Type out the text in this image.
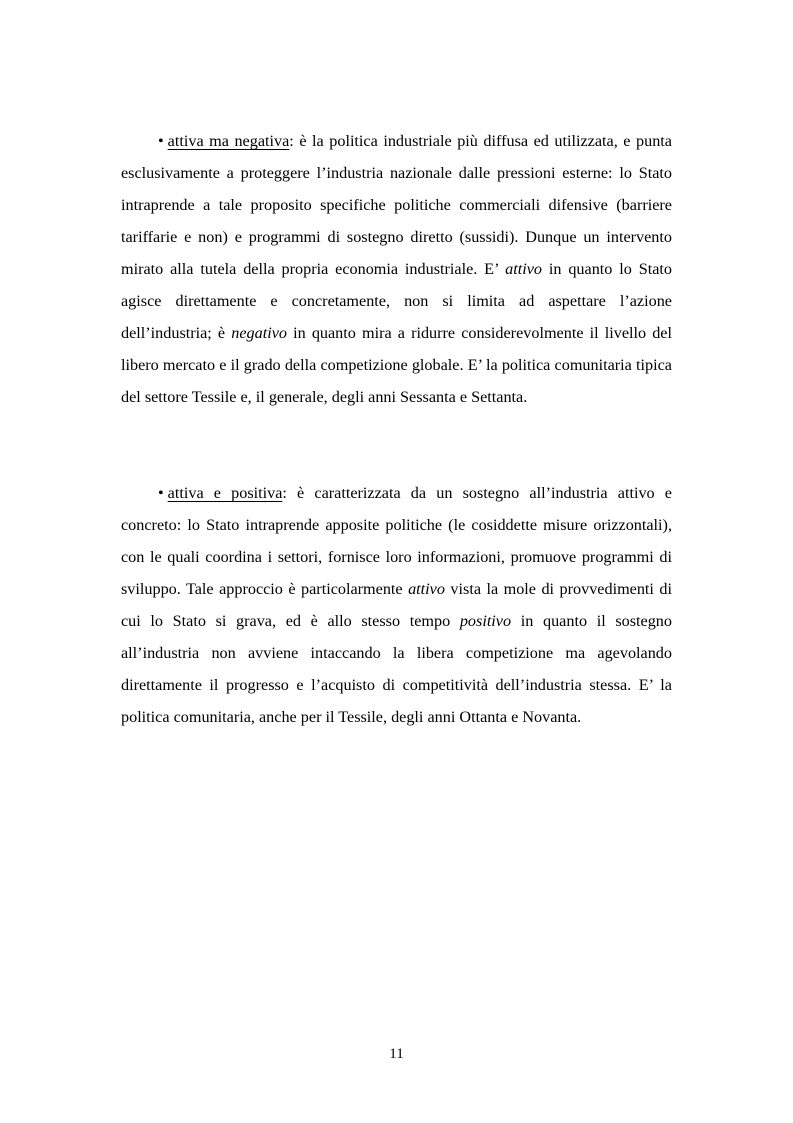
• attiva ma negativa: è la politica industriale più diffusa ed utilizzata, e punta esclusivamente a proteggere l’industria nazionale dalle pressioni esterne: lo Stato intraprende a tale proposito specifiche politiche commerciali difensive (barriere tariffarie e non) e programmi di sostegno diretto (sussidi). Dunque un intervento mirato alla tutela della propria economia industriale. E’ attivo in quanto lo Stato agisce direttamente e concretamente, non si limita ad aspettare l’azione dell’industria; è negativo in quanto mira a ridurre considerevolmente il livello del libero mercato e il grado della competizione globale. E’ la politica comunitaria tipica del settore Tessile e, il generale, degli anni Sessanta e Settanta.

• attiva e positiva: è caratterizzata da un sostegno all’industria attivo e concreto: lo Stato intraprende apposite politiche (le cosiddette misure orizzontali), con le quali coordina i settori, fornisce loro informazioni, promuove programmi di sviluppo. Tale approccio è particolarmente attivo vista la mole di provvedimenti di cui lo Stato si grava, ed è allo stesso tempo positivo in quanto il sostegno all’industria non avviene intaccando la libera competizione ma agevolando direttamente il progresso e l’acquisto di competitività dell’industria stessa. E’ la politica comunitaria, anche per il Tessile, degli anni Ottanta e Novanta.

11
